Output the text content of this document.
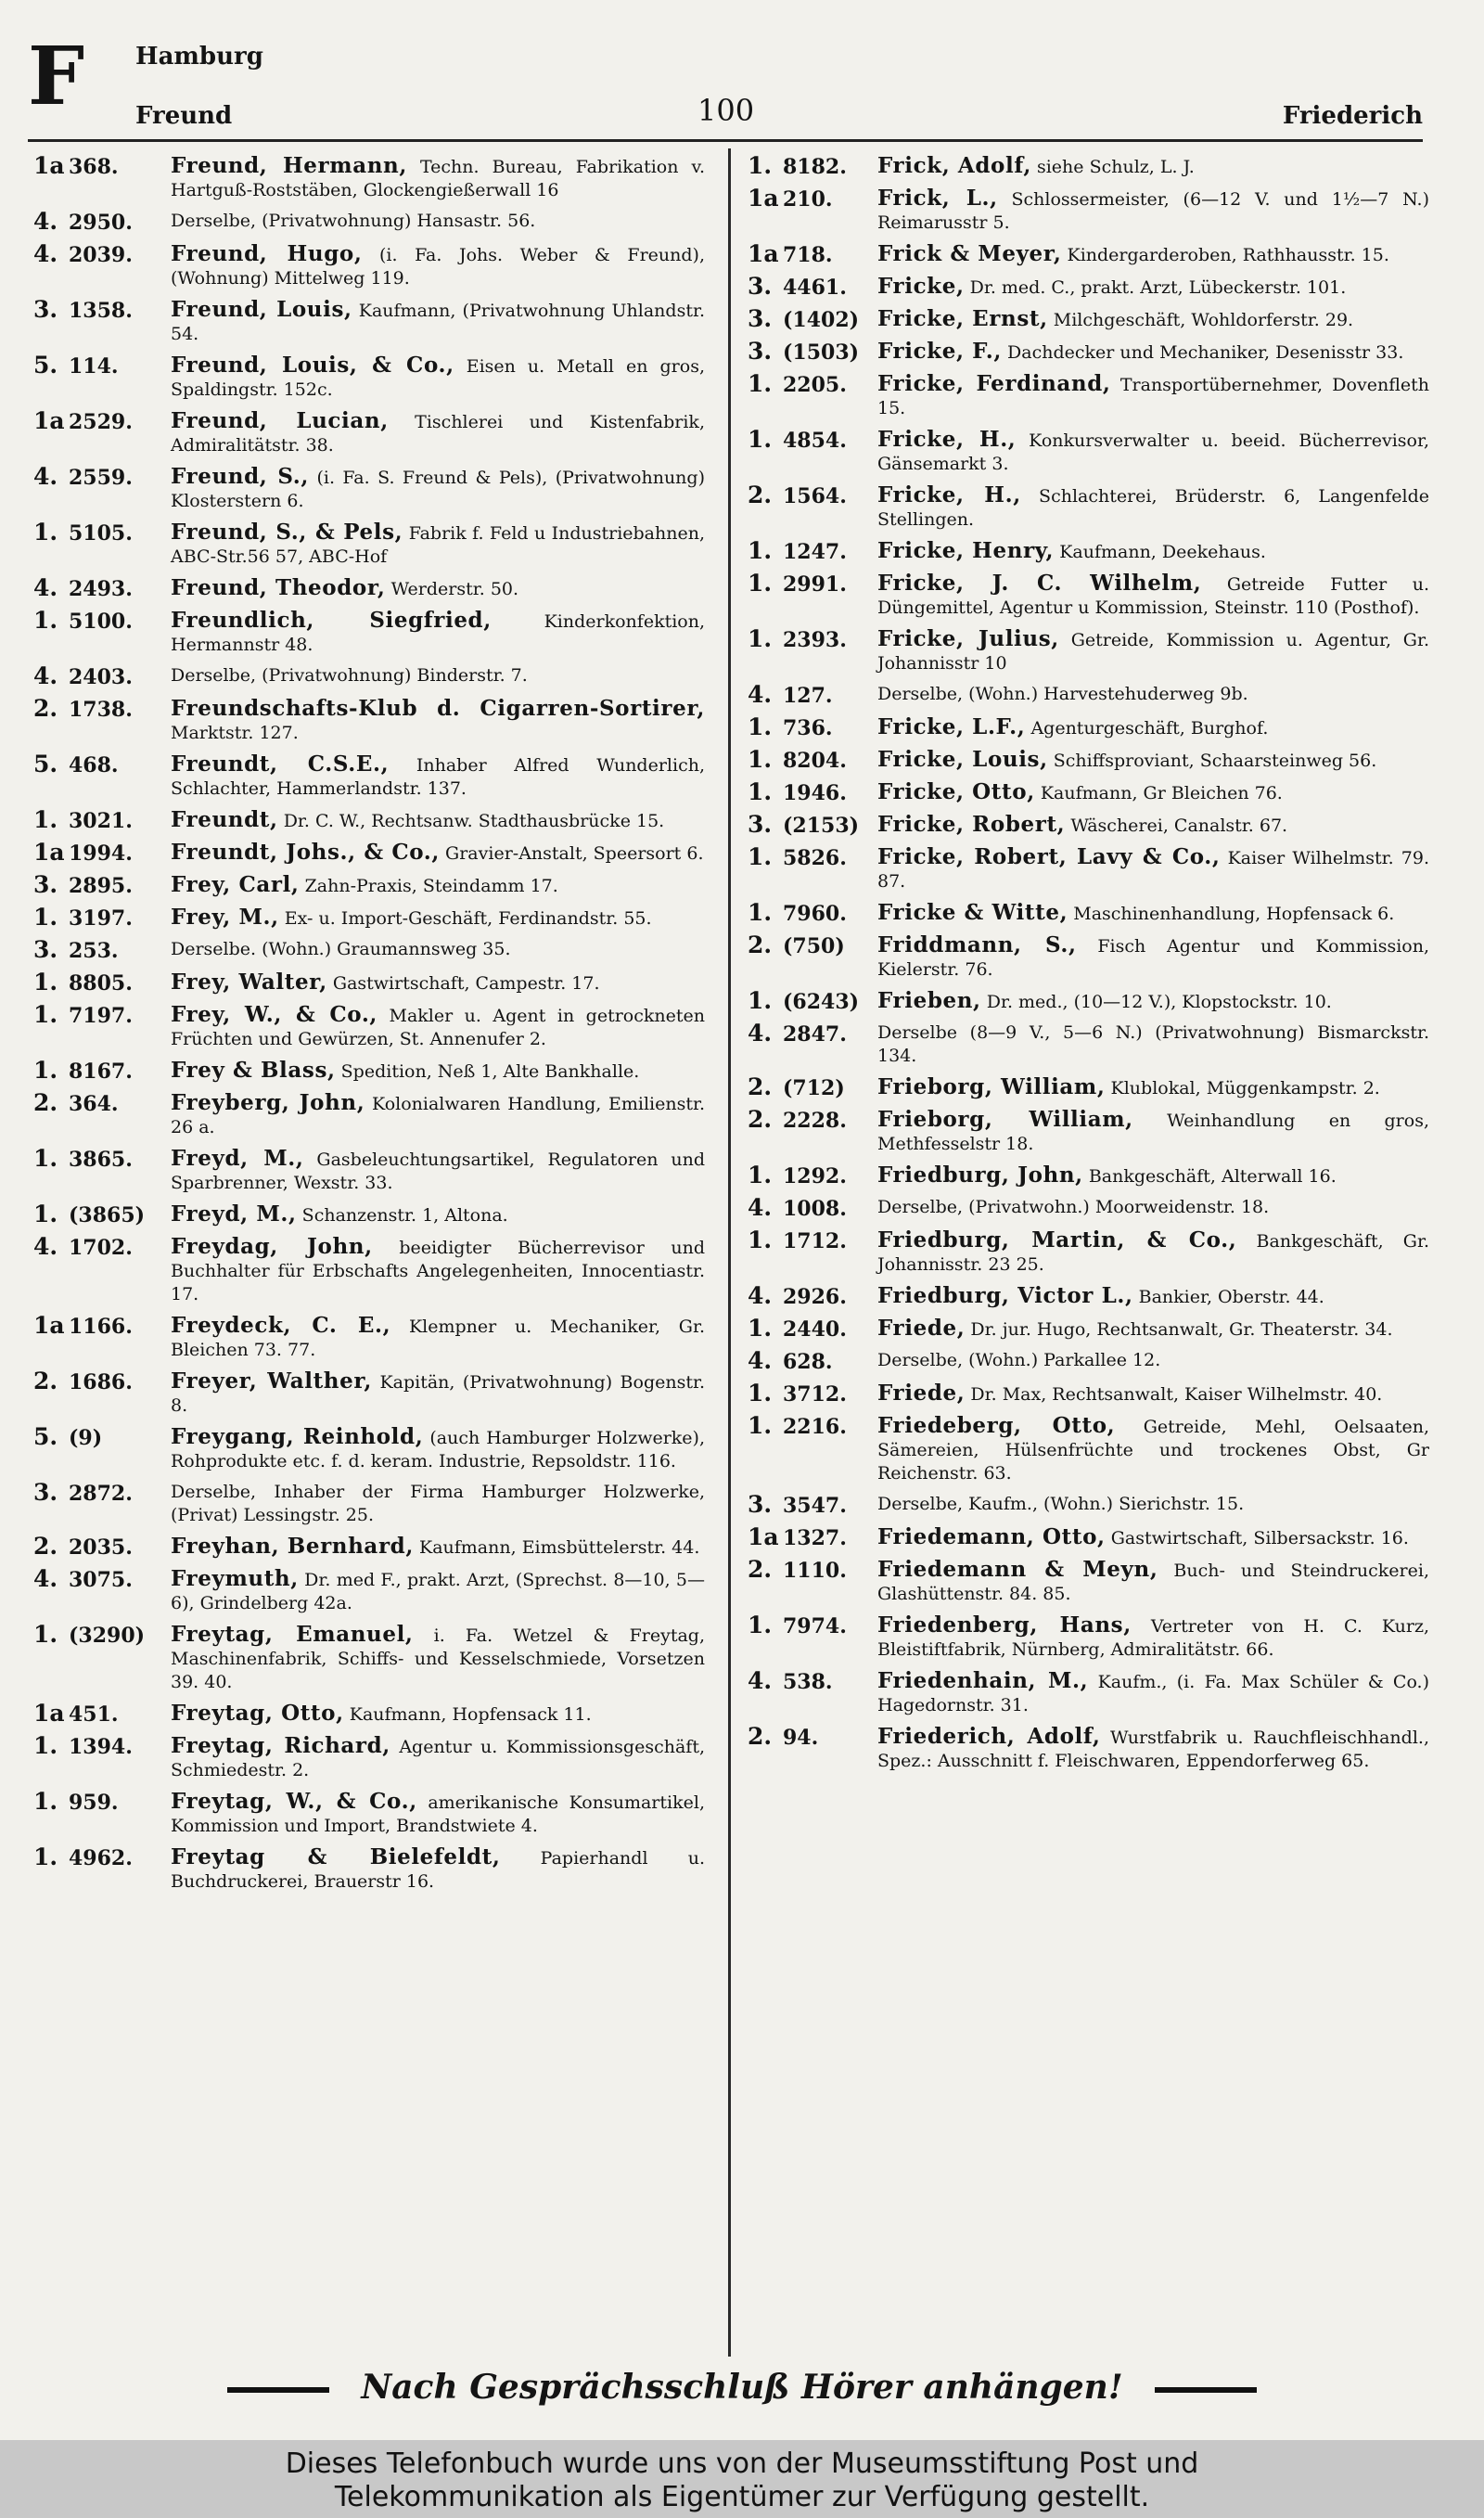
F Hamburg
Freund	100	Friederich
1a 368.	Freund, Hermann, Techn. Bureau, Fabrikation v. Hartguß-Roststäben, Glockengießerwall 16
4. 2950.	Derselbe, (Privatwohnung) Hansastr. 56.
4. 2039.	Freund, Hugo, (i. Fa. Johs. Weber & Freund), (Wohnung) Mittelweg 119.
3. 1358.	Freund, Louis, Kaufmann, (Privatwohnung Uhlandstr. 54.
5. 114.	Freund, Louis, & Co., Eisen u. Metall en gros, Spaldingstr. 152c.
1a 2529.	Freund, Lucian, Tischlerei und Kistenfabrik, Admiralitätstr. 38.
4. 2559.	Freund, S., (i. Fa. S. Freund & Pels), (Privatwohnung) Klosterstern 6.
1. 5105.	Freund, S., & Pels, Fabrik f. Feld u Industriebahnen, ABC-Str.56 57, ABC-Hof
4. 2493.	Freund, Theodor, Werderstr. 50.
1. 5100.	Freundlich, Siegfried,	Kinderkonfektion, Hermannstr 48.
4. 2403.	Derselbe, (Privatwohnung) Binderstr. 7.
2. 1738.	Freundschafts-Klub d. Cigarren-Sortirer, Marktstr. 127.
5. 468.	Freundt, C.S.E., Inhaber Alfred Wunderlich, Schlachter, Hammerlandstr. 137.
1. 3021.	Freundt, Dr. C. W., Rechtsanw. Stadthausbrücke 15.
1a 1994.	Freundt, Johs., & Co., Gravier-Anstalt, Speersort 6.
3. 2895.	Frey, Carl, Zahn-Praxis, Steindamm 17.
1. 3197.	Frey, M., Ex- u. Import-Geschäft, Ferdinandstr. 55.
3. 253.	Derselbe. (Wohn.) Graumannsweg 35.
1. 8805.	Frey, Walter, Gastwirtschaft, Campestr. 17.
1. 7197.	Frey, W., & Co., Makler u. Agent in getrockneten Früchten und Gewürzen, St. Annenufer 2.
1. 8167.	Frey & Blass, Spedition, Neß 1, Alte Bankhalle.
2. 364.	Freyberg, John, Kolonialwaren Handlung, Emilienstr. 26 a.
1. 3865.	Freyd, M., Gasbeleuchtungsartikel, Regulatoren und Sparbrenner, Wexstr. 33.
1. (3865)	Freyd, M., Schanzenstr. 1, Altona.
4. 1702.	Freydag, John, beeidigter Bücherrevisor und Buchhalter für Erbschafts Angelegenheiten, Innocentiastr. 17.
1a 1166.	Freydeck, C. E., Klempner u. Mechaniker, Gr. Bleichen 73. 77.
2. 1686.	Freyer, Walther, Kapitän, (Privatwohnung) Bogenstr. 8.
5. (9)	Freygang, Reinhold, (auch Hamburger Holzwerke), Rohprodukte etc. f. d. keram. Industrie, Repsoldstr. 116.
3. 2872.	Derselbe, Inhaber der Firma Hamburger Holzwerke, (Privat) Lessingstr. 25.
2. 2035.	Freyhan, Bernhard, Kaufmann, Eimsbüttelerstr. 44.
4. 3075.	Freymuth, Dr. med F., prakt. Arzt, (Sprechst. 8—10, 5—6), Grindelberg 42a.
1. (3290)	Freytag, Emanuel, i. Fa. Wetzel & Freytag, Maschinenfabrik, Schiffs- und Kesselschmiede, Vorsetzen 39. 40.
1a 451.	Freytag, Otto, Kaufmann, Hopfensack 11.
1. 1394.	Freytag, Richard, Agentur u. Kommissionsgeschäft, Schmiedestr. 2.
1. 959.	Freytag, W., & Co., amerikanische Konsumartikel, Kommission und Import, Brandstwiete 4.
1. 4962.	Freytag & Bielefeldt, Papierhandl u. Buchdruckerei, Brauerstr 16.
1. 8182.	Frick, Adolf, siehe Schulz, L. J.
1a 210.	Frick, L., Schlossermeister, (6—12 V. und 1½—7 N.) Reimarusstr 5.
1a 718.	Frick & Meyer, Kindergarderoben, Rathhausstr. 15.
3. 4461.	Fricke, Dr. med. C., prakt. Arzt, Lübeckerstr. 101.
3. (1402) Fricke, Ernst, Milchgeschäft, Wohldorferstr. 29.
3. (1503) Fricke, F., Dachdecker und Mechaniker, Desenisstr 33.
1. 2205.	Fricke, Ferdinand, Transportübernehmer, Dovenfleth 15.
1. 4854.	Fricke, H., Konkursverwalter u. beeid. Bücherrevisor, Gänsemarkt 3.
2. 1564.	Fricke, H., Schlachterei, Brüderstr. 6, Langenfelde Stellingen.
1. 1247.	Fricke, Henry, Kaufmann, Deekehaus.
1. 2991.	Fricke, J. C. Wilhelm, Getreide Futter u. Düngemittel, Agentur u Kommission, Steinstr. 110 (Posthof).
1. 2393.	Fricke, Julius, Getreide, Kommission u. Agentur, Gr. Johannisstr 10
4. 127.	Derselbe, (Wohn.) Harvestehuderweg 9b.
1. 736.	Fricke, L.F., Agenturgeschäft, Burghof.
1. 8204.	Fricke, Louis, Schiffsproviant, Schaarsteinweg 56.
1. 1946.	Fricke, Otto, Kaufmann, Gr Bleichen 76.
3. (2153) Fricke, Robert, Wäscherei, Canalstr. 67.
1. 5826.	Fricke, Robert, Lavy & Co., Kaiser Wilhelmstr. 79. 87.
1. 7960.	Fricke & Witte, Maschinenhandlung, Hopfensack 6.
2. (750)	Friddmann, S., Fisch Agentur und Kommission, Kielerstr. 76.
1. (6243) Frieben, Dr. med., (10—12 V.), Klopstockstr. 10.
4. 2847.	Derselbe (8—9 V., 5—6 N.) (Privatwohnung) Bismarckstr. 134.
2. (712)	Frieborg, William, Klublokal, Müggenkampstr. 2.
2. 2228.	Frieborg, William, Weinhandlung en gros, Methfesselstr 18.
1. 1292.	Friedburg, John, Bankgeschäft, Alterwall 16.
4. 1008.	Derselbe, (Privatwohn.) Moorweidenstr. 18.
1. 1712.	Friedburg, Martin, & Co., Bankgeschäft, Gr. Johannisstr. 23 25.
4. 2926.	Friedburg, Victor L., Bankier, Oberstr. 44.
1. 2440.	Friede, Dr. jur. Hugo, Rechtsanwalt, Gr. Theaterstr. 34.
4. 628.	Derselbe, (Wohn.) Parkallee 12.
1. 3712.	Friede, Dr. Max, Rechtsanwalt, Kaiser Wilhelmstr. 40.
1. 2216.	Friedeberg, Otto, Getreide, Mehl, Oelsaaten, Sämereien, Hülsenfrüchte und trockenes Obst, Gr Reichenstr. 63.
3. 3547.	Derselbe, Kaufm., (Wohn.) Sierichstr. 15.
1a 1327.	Friedemann, Otto, Gastwirtschaft, Silbersackstr. 16.
2. 1110.	Friedemann & Meyn, Buch- und Steindruckerei, Glashüttenstr. 84. 85.
1. 7974.	Friedenberg, Hans, Vertreter von H. C. Kurz, Bleistiftfabrik, Nürnberg, Admiralitätstr. 66.
4. 538.	Friedenhain, M., Kaufm., (i. Fa. Max Schüler & Co.) Hagedornstr. 31.
2. 94.	Friederich, Adolf, Wurstfabrik u. Rauchfleischhandl., Spez.: Ausschnitt f. Fleischwaren, Eppendorferweg 65.
Nach Gesprächsschluß Hörer anhängen!
Dieses Telefonbuch wurde uns von der Museumsstiftung Post und
Telekommunikation als Eigentümer zur Verfügung gestellt.
